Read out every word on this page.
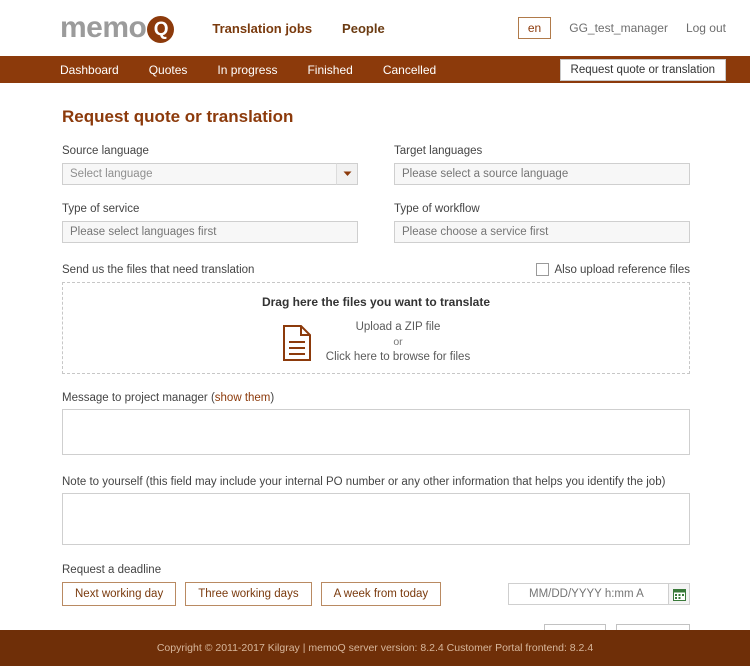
memo Q	Translation jobs People	en	GG_test_manager Log out
Dashboard	Quotes	In progress	Finished	Cancelled	Request quote or translation
Request quote or translation
Source language
Select language
Target languages
Please select a source language
Type of service
Please select languages first	Type of workflow
Please choose a service first
Send us the files that need translation	Also upload reference files
Drag here the files you want to translate
Upload a ZIP file
or
Click here to browse for files
Message to project manager (show them)
Note to yourself (this field may include your internal PO number or any other information that helps you identify the job)
Request a deadline
Next working day	Three working days	A week from today
MM/DD/YYYY h:mm A
Copyright © 2011-2017 Kilgray | memoQ server version: 8.2.4 Customer Portal frontend: 8.2.4
